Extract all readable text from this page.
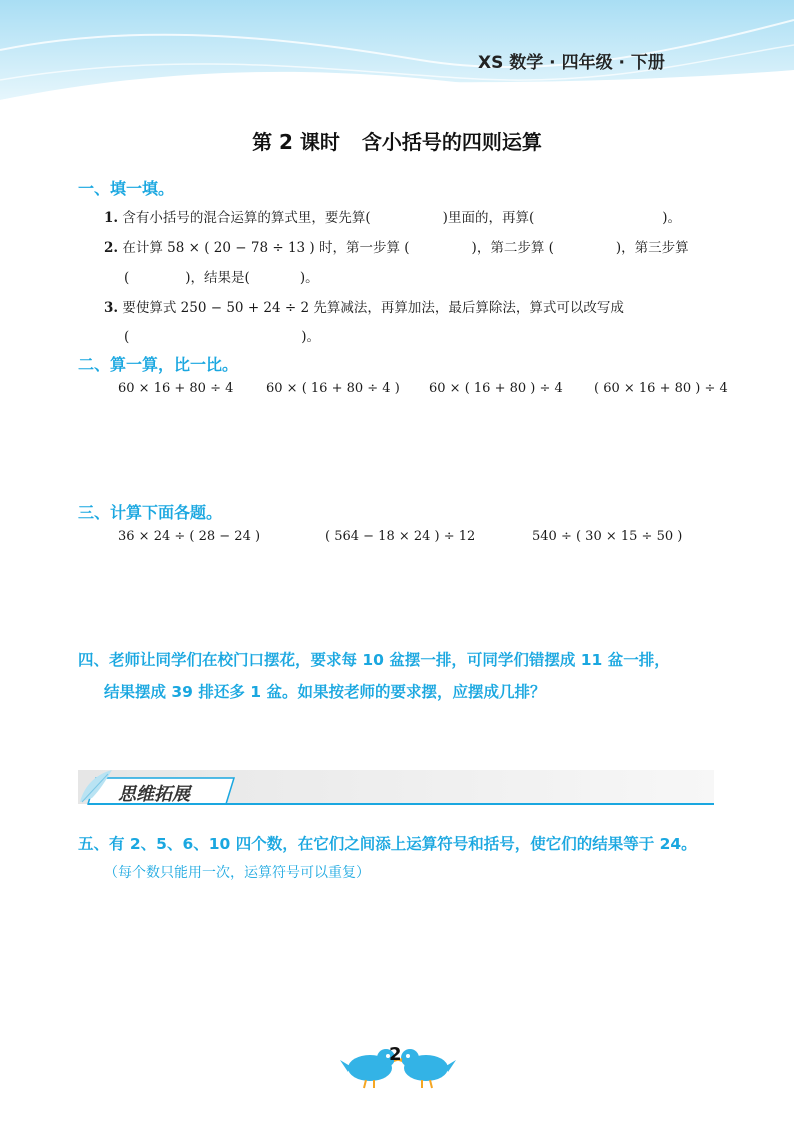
XS 数学 · 四年级 · 下册
第 2 课时 含小括号的四则运算
一、填一填。
1. 含有小括号的混合运算的算式里，要先算(	)里面的，再算(	)。
2. 在计算 58 × ( 20 − 78 ÷ 13 ) 时，第一步算 (	)，第二步算 (	)，第三步算
(	)，结果是(	)。
3. 要使算式 250 − 50 + 24 ÷ 2 先算减法，再算加法，最后算除法，算式可以改写成
(	)。
二、算一算，比一比。
60 × 16 + 80 ÷ 4	60 × ( 16 + 80 ÷ 4 ) 60 × ( 16 + 80 ) ÷ 4 ( 60 × 16 + 80 ) ÷ 4
三、计算下面各题。
36 × 24 ÷ ( 28 − 24 )	( 564 − 18 × 24 ) ÷ 12	540 ÷ ( 30 × 15 ÷ 50 )
四、老师让同学们在校门口摆花，要求每 10 盆摆一排，可同学们错摆成 11 盆一排，
结果摆成 39 排还多 1 盆。如果按老师的要求摆，应摆成几排？
思维拓展
五、有 2、5、6、10 四个数，在它们之间添上运算符号和括号，使它们的结果等于 24。
（每个数只能用一次，运算符号可以重复）
2
